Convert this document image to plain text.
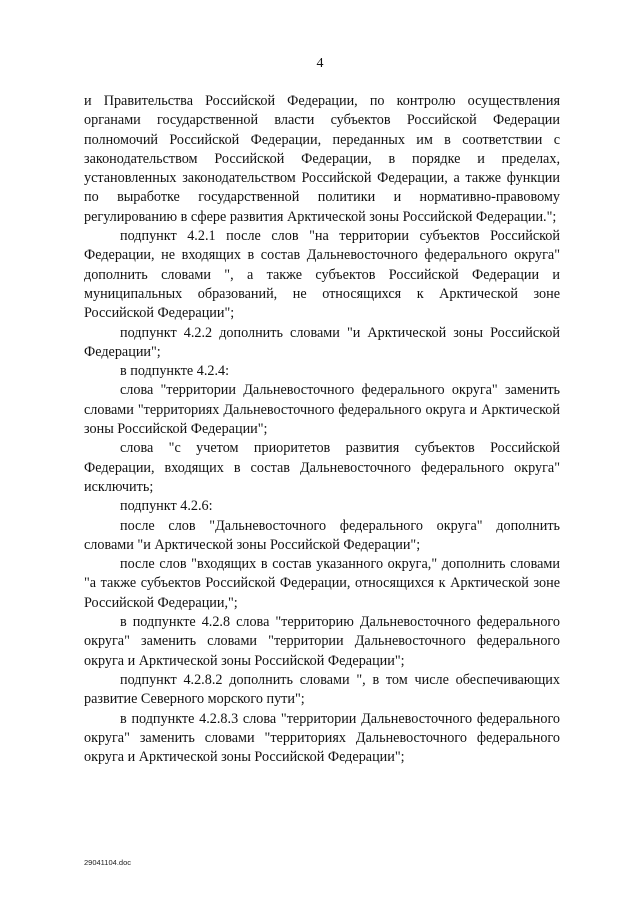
4

и Правительства Российской Федерации, по контролю осуществления органами государственной власти субъектов Российской Федерации полномочий Российской Федерации, переданных им в соответствии с законодательством Российской Федерации, в порядке и пределах, установленных законодательством Российской Федерации, а также функции по выработке государственной политики и нормативно-правовому регулированию в сфере развития Арктической зоны Российской Федерации.";

подпункт 4.2.1 после слов "на территории субъектов Российской Федерации, не входящих в состав Дальневосточного федерального округа" дополнить словами ", а также субъектов Российской Федерации и муниципальных образований, не относящихся к Арктической зоне Российской Федерации";

подпункт 4.2.2 дополнить словами "и Арктической зоны Российской Федерации";

в подпункте 4.2.4:

слова "территории Дальневосточного федерального округа" заменить словами "территориях Дальневосточного федерального округа и Арктической зоны Российской Федерации";

слова "с учетом приоритетов развития субъектов Российской Федерации, входящих в состав Дальневосточного федерального округа" исключить;

подпункт 4.2.6:

после слов "Дальневосточного федерального округа" дополнить словами "и Арктической зоны Российской Федерации";

после слов "входящих в состав указанного округа," дополнить словами "а также субъектов Российской Федерации, относящихся к Арктической зоне Российской Федерации,";

в подпункте 4.2.8 слова "территорию Дальневосточного федерального округа" заменить словами "территории Дальневосточного федерального округа и Арктической зоны Российской Федерации";

подпункт 4.2.8.2 дополнить словами ", в том числе обеспечивающих развитие Северного морского пути";

в подпункте 4.2.8.3 слова "территории Дальневосточного федерального округа" заменить словами "территориях Дальневосточного федерального округа и Арктической зоны Российской Федерации";

29041104.doc
